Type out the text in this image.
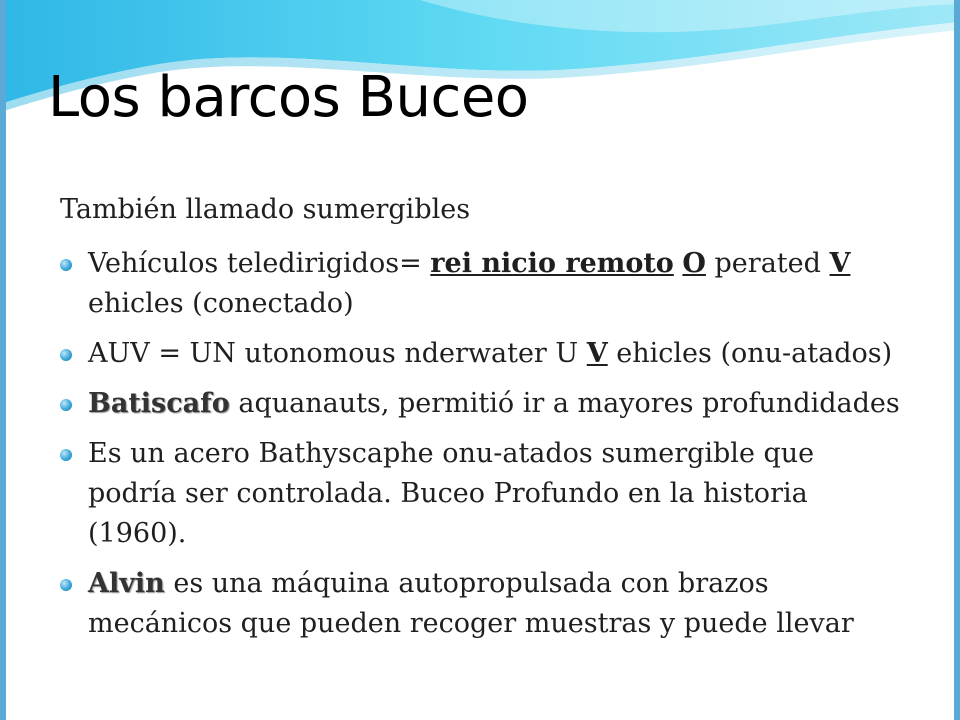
Los barcos Buceo

También llamado sumergibles

Vehículos teledirigidos= rei nicio remoto O perated V ehicles (conectado)
AUV = UN utonomous nderwater U V ehicles (onu-atados)
Batiscafo aquanauts, permitió ir a mayores profundidades
Es un acero Bathyscaphe onu-atados sumergible que podría ser controlada. Buceo Profundo en la historia (1960).
Alvin es una máquina autopropulsada con brazos mecánicos que pueden recoger muestras y puede llevar
